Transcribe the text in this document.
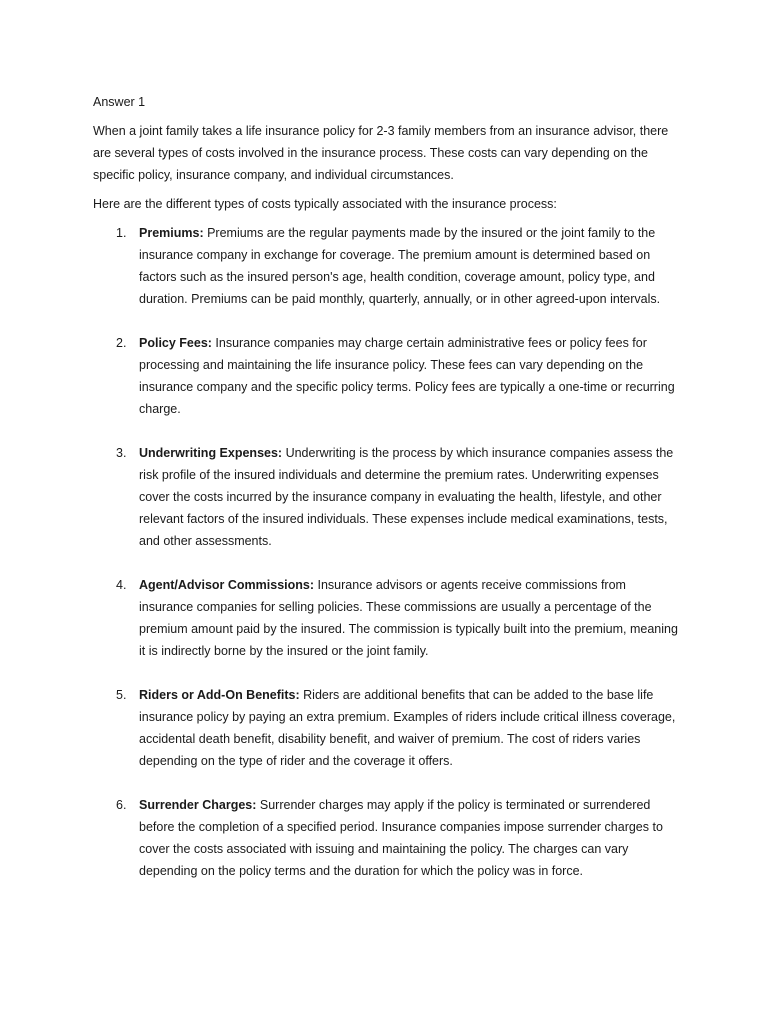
Answer 1

When a joint family takes a life insurance policy for 2-3 family members from an insurance advisor, there are several types of costs involved in the insurance process. These costs can vary depending on the specific policy, insurance company, and individual circumstances.

Here are the different types of costs typically associated with the insurance process:

1. Premiums: Premiums are the regular payments made by the insured or the joint family to the insurance company in exchange for coverage. The premium amount is determined based on factors such as the insured person's age, health condition, coverage amount, policy type, and duration. Premiums can be paid monthly, quarterly, annually, or in other agreed-upon intervals.
2. Policy Fees: Insurance companies may charge certain administrative fees or policy fees for processing and maintaining the life insurance policy. These fees can vary depending on the insurance company and the specific policy terms. Policy fees are typically a one-time or recurring charge.
3. Underwriting Expenses: Underwriting is the process by which insurance companies assess the risk profile of the insured individuals and determine the premium rates. Underwriting expenses cover the costs incurred by the insurance company in evaluating the health, lifestyle, and other relevant factors of the insured individuals. These expenses include medical examinations, tests, and other assessments.
4. Agent/Advisor Commissions: Insurance advisors or agents receive commissions from insurance companies for selling policies. These commissions are usually a percentage of the premium amount paid by the insured. The commission is typically built into the premium, meaning it is indirectly borne by the insured or the joint family.
5. Riders or Add-On Benefits: Riders are additional benefits that can be added to the base life insurance policy by paying an extra premium. Examples of riders include critical illness coverage, accidental death benefit, disability benefit, and waiver of premium. The cost of riders varies depending on the type of rider and the coverage it offers.
6. Surrender Charges: Surrender charges may apply if the policy is terminated or surrendered before the completion of a specified period. Insurance companies impose surrender charges to cover the costs associated with issuing and maintaining the policy. The charges can vary depending on the policy terms and the duration for which the policy was in force.
